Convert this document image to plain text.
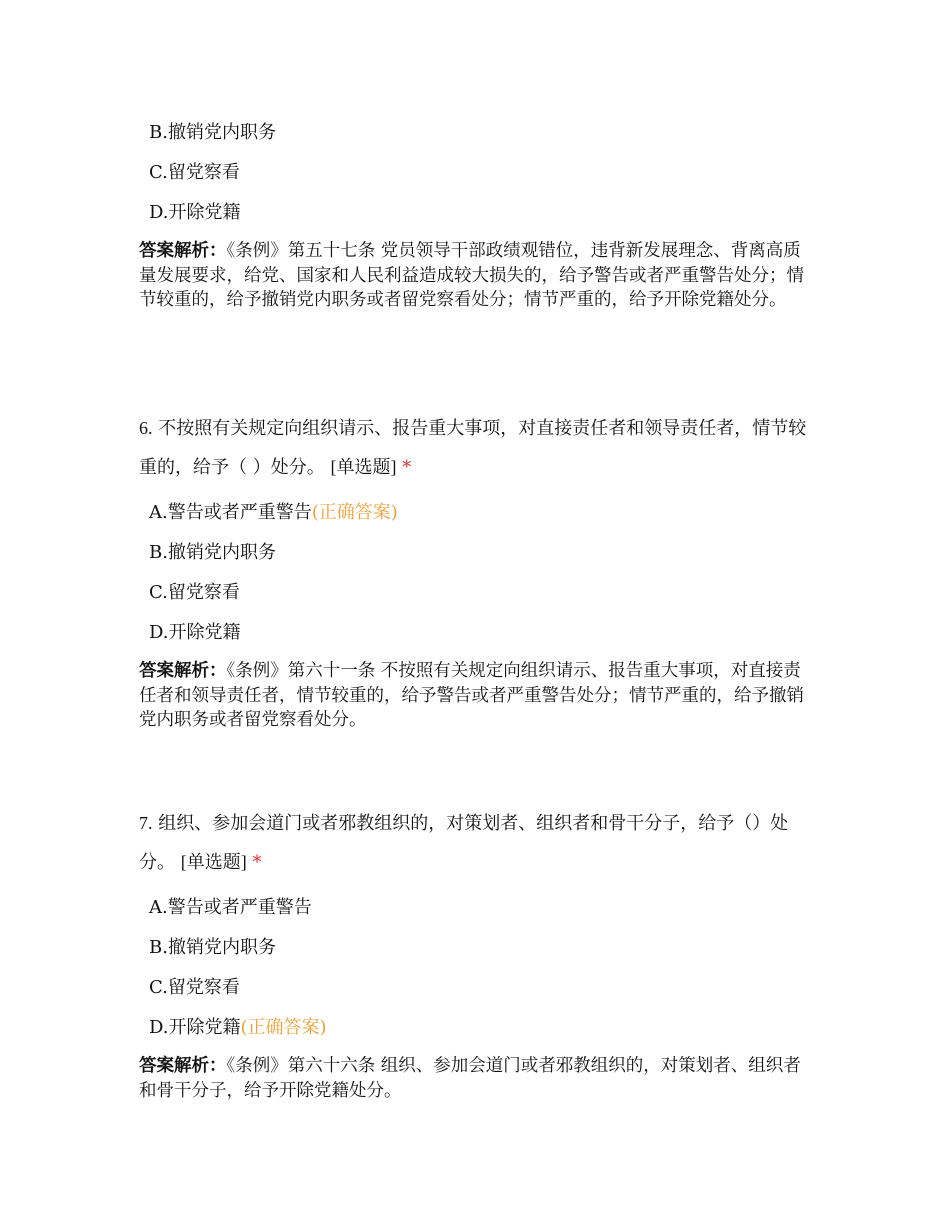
B.撤销党内职务
C.留党察看
D.开除党籍
答案解析：《条例》第五十七条 党员领导干部政绩观错位，违背新发展理念、背离高质量发展要求，给党、国家和人民利益造成较大损失的，给予警告或者严重警告处分；情节较重的，给予撤销党内职务或者留党察看处分；情节严重的，给予开除党籍处分。
6. 不按照有关规定向组织请示、报告重大事项，对直接责任者和领导责任者，情节较重的，给予（ ）处分。 [单选题] *
A.警告或者严重警告(正确答案)
B.撤销党内职务
C.留党察看
D.开除党籍
答案解析：《条例》第六十一条 不按照有关规定向组织请示、报告重大事项，对直接责任者和领导责任者，情节较重的，给予警告或者严重警告处分；情节严重的，给予撤销党内职务或者留党察看处分。
7. 组织、参加会道门或者邪教组织的，对策划者、组织者和骨干分子，给予（）处分。 [单选题] *
A.警告或者严重警告
B.撤销党内职务
C.留党察看
D.开除党籍(正确答案)
答案解析：《条例》第六十六条 组织、参加会道门或者邪教组织的，对策划者、组织者和骨干分子，给予开除党籍处分。
